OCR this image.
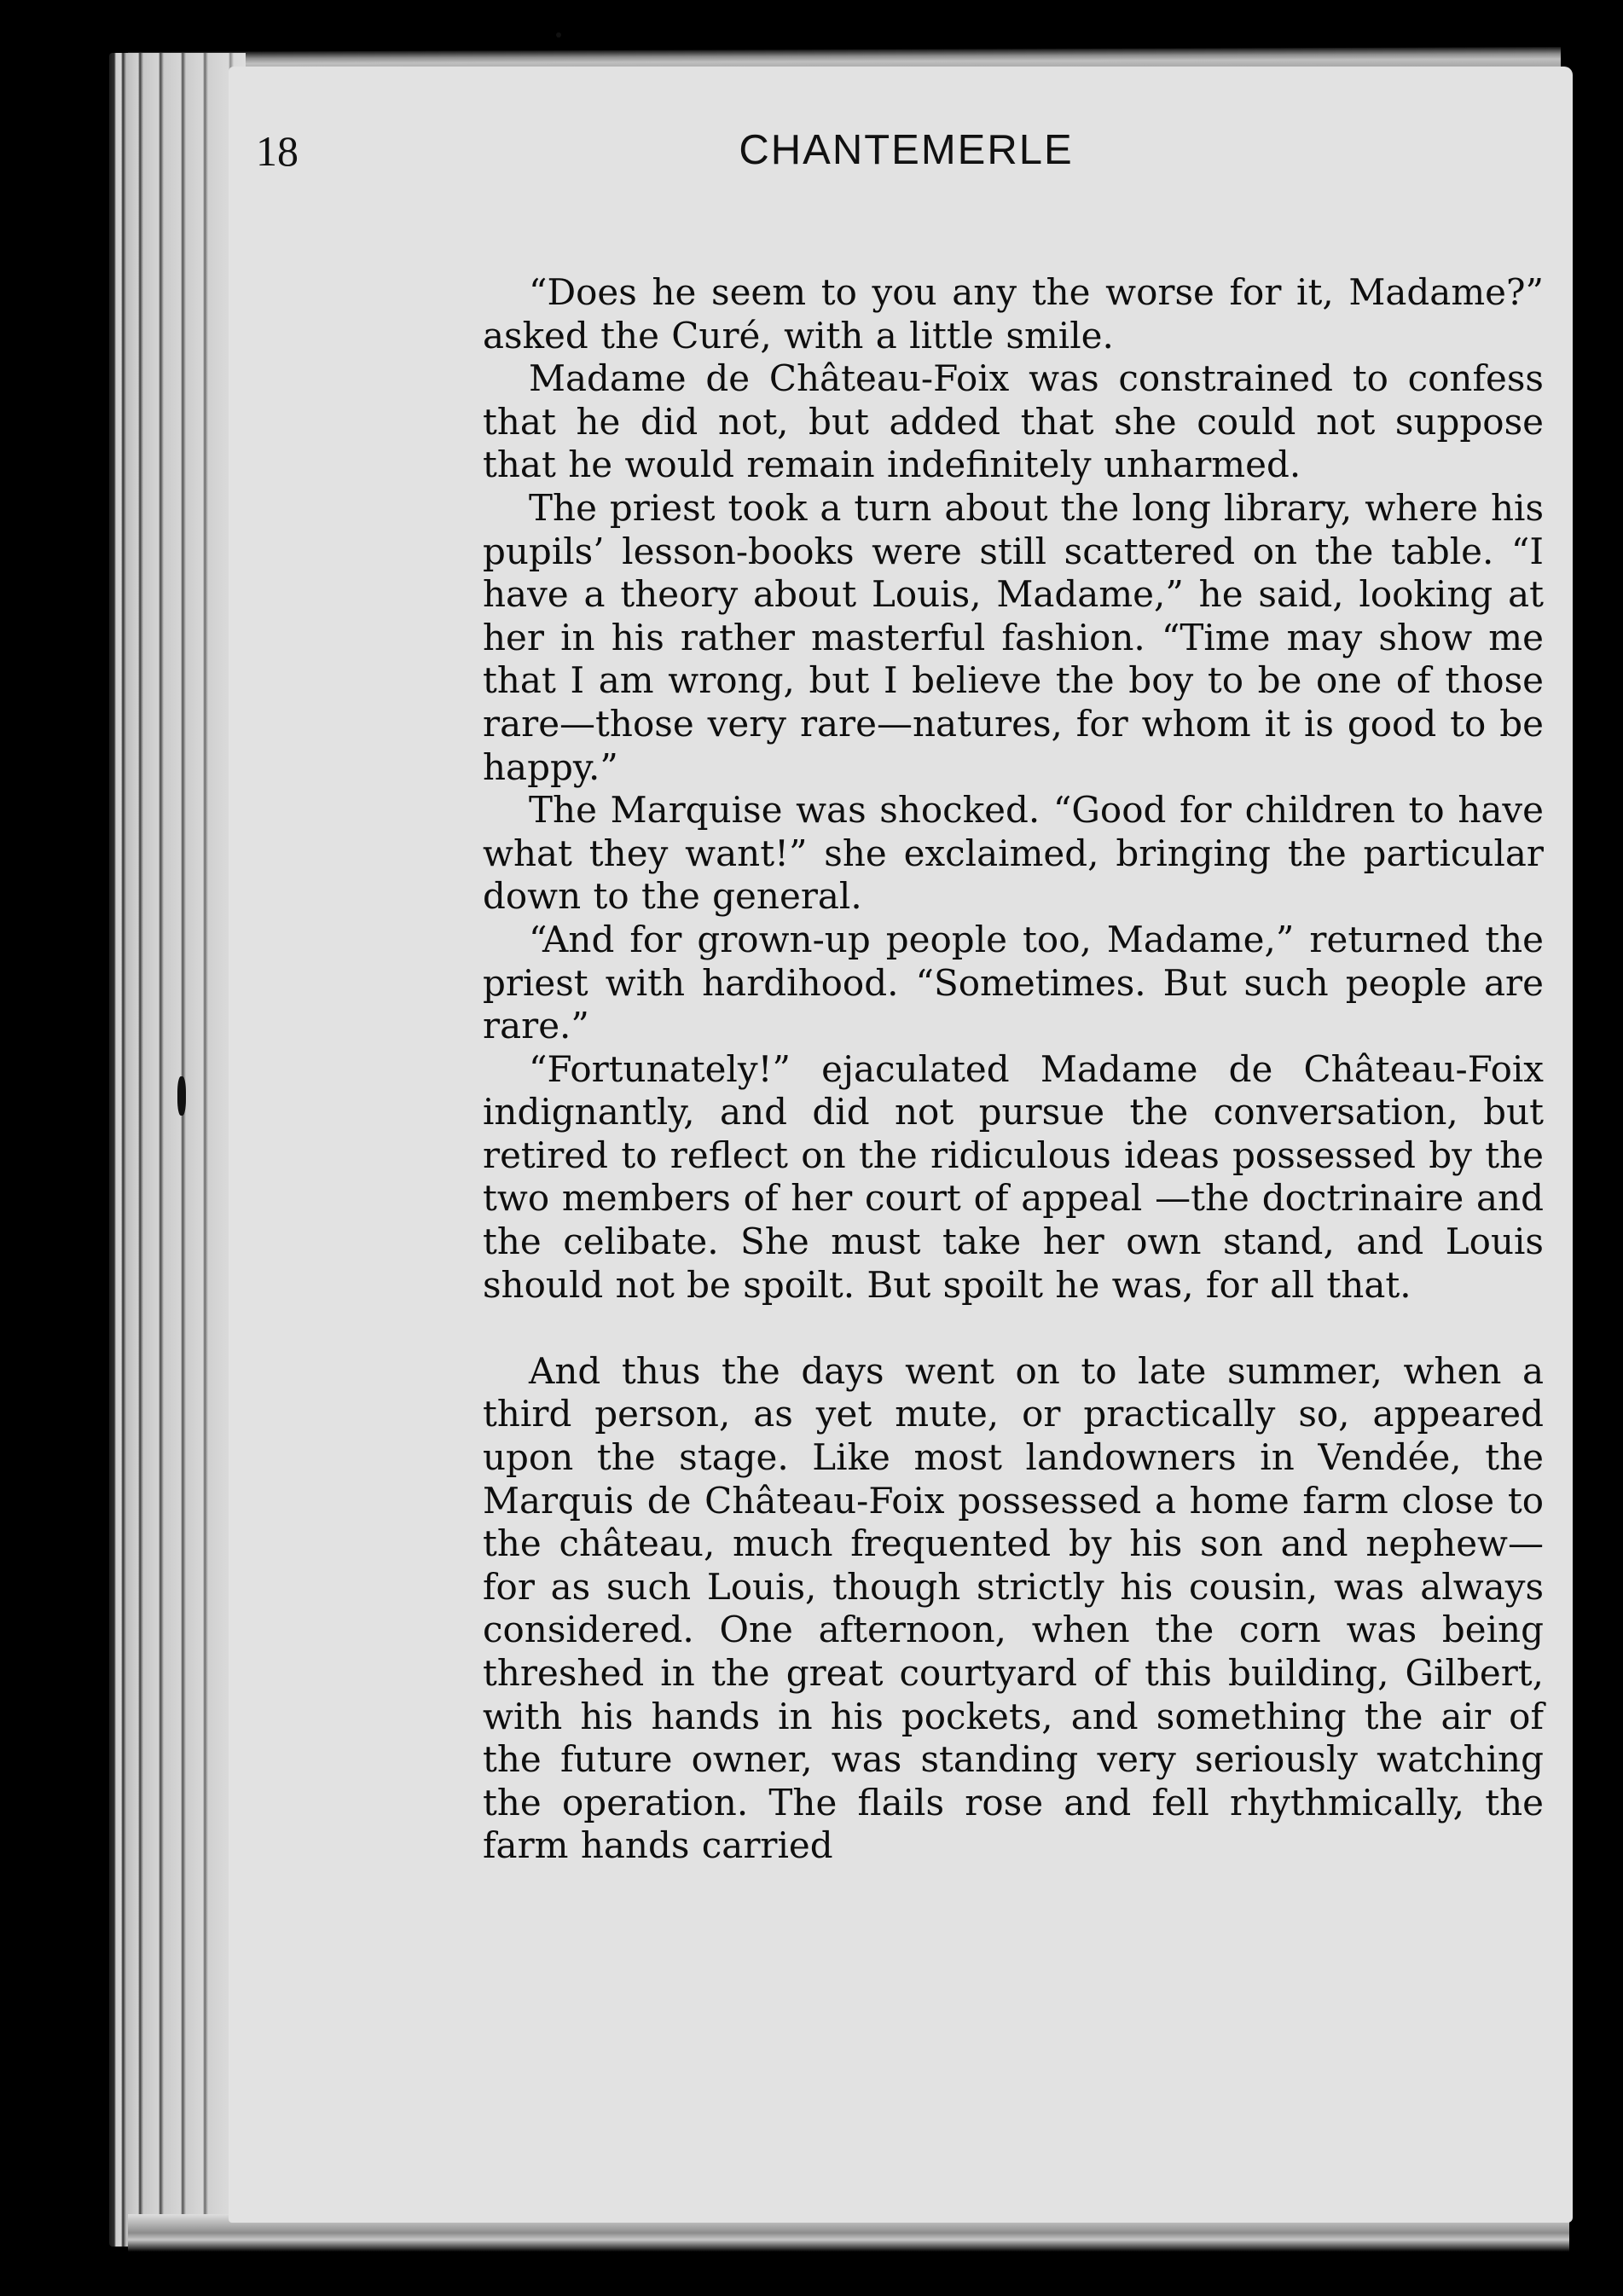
18	CHANTEMERLE

“Does he seem to you any the worse for it, Madame?” asked the Curé, with a little smile.

Madame de Château-Foix was constrained to confess that he did not, but added that she could not suppose that he would remain indefinitely unharmed.

The priest took a turn about the long library, where his pupils’ lesson-books were still scattered on the table. “I have a theory about Louis, Madame,” he said, looking at her in his rather masterful fashion. “Time may show me that I am wrong, but I believe the boy to be one of those rare—those very rare—natures, for whom it is good to be happy.”

The Marquise was shocked. “Good for children to have what they want!” she exclaimed, bringing the particular down to the general.

“And for grown-up people too, Madame,” returned the priest with hardihood. “Sometimes. But such people are rare.”

“Fortunately!” ejaculated Madame de Château-Foix indignantly, and did not pursue the conversation, but retired to reflect on the ridiculous ideas possessed by the two members of her court of appeal —the doctrinaire and the celibate. She must take her own stand, and Louis should not be spoilt. But spoilt he was, for all that.

And thus the days went on to late summer, when a third person, as yet mute, or practically so, appeared upon the stage. Like most landowners in Vendée, the Marquis de Château-Foix possessed a home farm close to the château, much frequented by his son and nephew—for as such Louis, though strictly his cousin, was always considered. One afternoon, when the corn was being threshed in the great courtyard of this building, Gilbert, with his hands in his pockets, and something the air of the future owner, was standing very seriously watching the operation. The flails rose and fell rhythmically, the farm hands carried
